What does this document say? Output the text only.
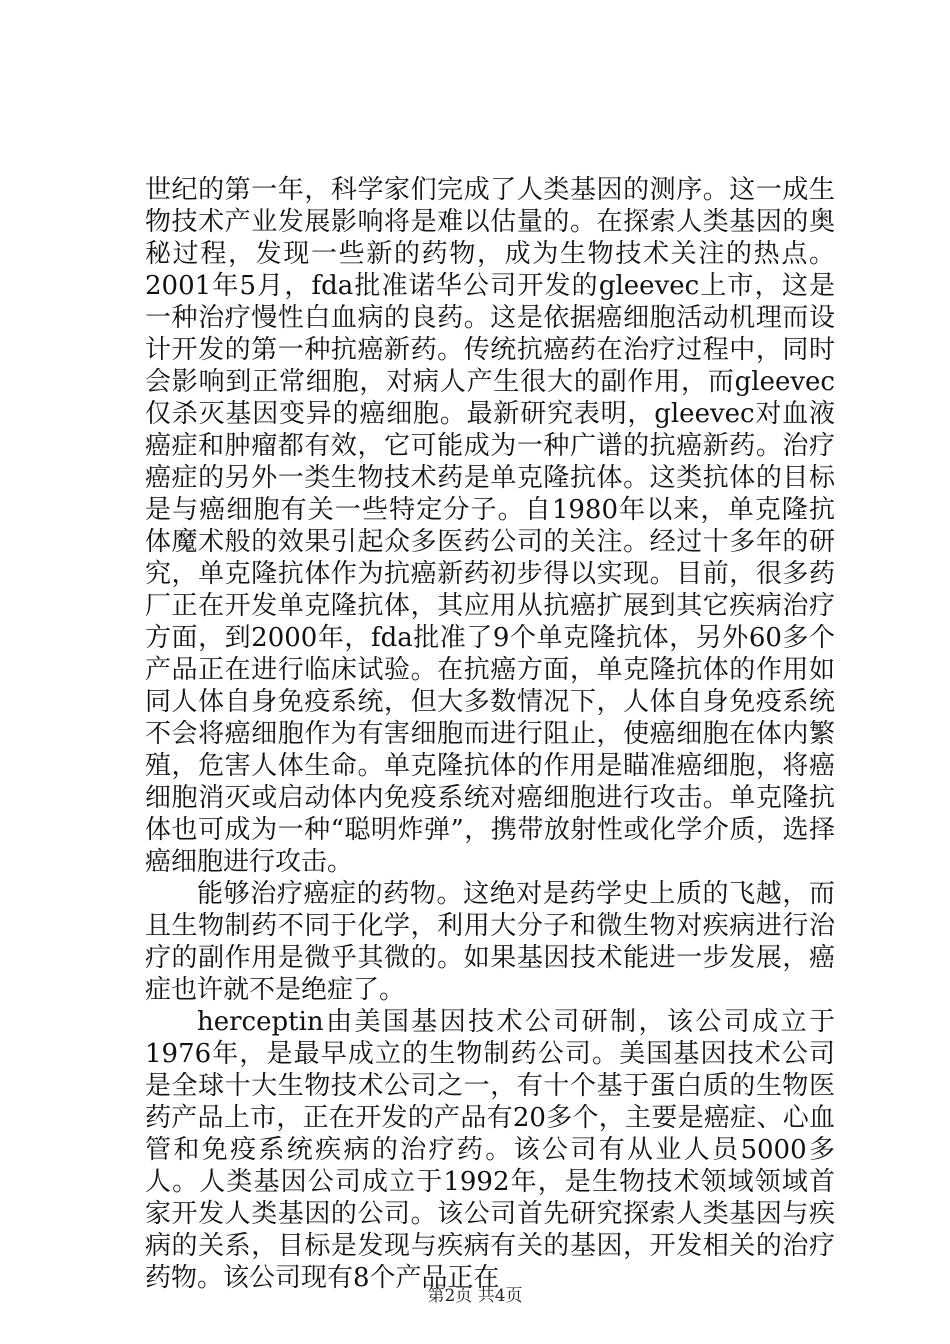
世纪的第一年，科学家们完成了人类基因的测序。这一成生物技术产业发展影响将是难以估量的。在探索人类基因的奥秘过程，发现一些新的药物，成为生物技术关注的热点。2001年5月，fda批准诺华公司开发的gleevec上市，这是一种治疗慢性白血病的良药。这是依据癌细胞活动机理而设计开发的第一种抗癌新药。传统抗癌药在治疗过程中，同时会影响到正常细胞，对病人产生很大的副作用，而gleevec仅杀灭基因变异的癌细胞。最新研究表明，gleevec对血液癌症和肿瘤都有效，它可能成为一种广谱的抗癌新药。治疗癌症的另外一类生物技术药是单克隆抗体。这类抗体的目标是与癌细胞有关一些特定分子。自1980年以来，单克隆抗体魔术般的效果引起众多医药公司的关注。经过十多年的研究，单克隆抗体作为抗癌新药初步得以实现。目前，很多药厂正在开发单克隆抗体，其应用从抗癌扩展到其它疾病治疗方面，到2000年，fda批准了9个单克隆抗体，另外60多个产品正在进行临床试验。在抗癌方面，单克隆抗体的作用如同人体自身免疫系统，但大多数情况下，人体自身免疫系统不会将癌细胞作为有害细胞而进行阻止，使癌细胞在体内繁殖，危害人体生命。单克隆抗体的作用是瞄准癌细胞，将癌细胞消灭或启动体内免疫系统对癌细胞进行攻击。单克隆抗体也可成为一种“聪明炸弹”，携带放射性或化学介质，选择癌细胞进行攻击。

能够治疗癌症的药物。这绝对是药学史上质的飞越，而且生物制药不同于化学，利用大分子和微生物对疾病进行治疗的副作用是微乎其微的。如果基因技术能进一步发展，癌症也许就不是绝症了。

herceptin由美国基因技术公司研制，该公司成立于1976年，是最早成立的生物制药公司。美国基因技术公司是全球十大生物技术公司之一，有十个基于蛋白质的生物医药产品上市，正在开发的产品有20多个，主要是癌症、心血管和免疫系统疾病的治疗药。该公司有从业人员5000多人。人类基因公司成立于1992年，是生物技术领域领域首家开发人类基因的公司。该公司首先研究探索人类基因与疾病的关系，目标是发现与疾病有关的基因，开发相关的治疗药物。该公司现有8个产品正在

第2页 共4页
